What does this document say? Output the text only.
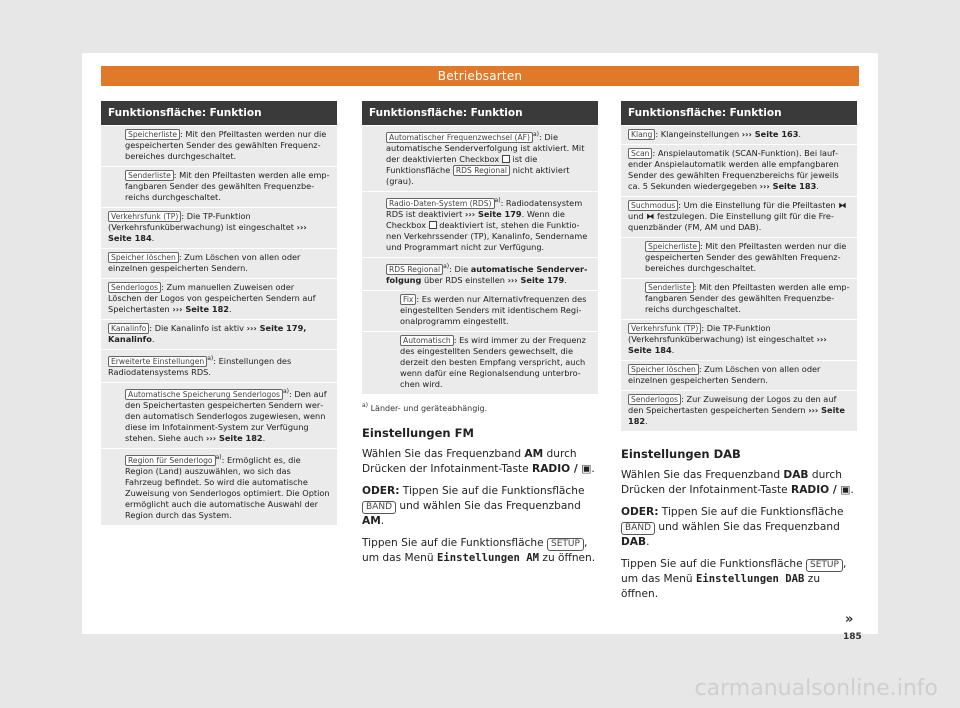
Betriebsarten
Funktionsfläche: Funktion
Speicherliste : Mit den Pfeiltasten werden nur die gespeicherten Sender des gewählten Frequenzbereiches durchgeschaltet.
Senderliste : Mit den Pfeiltasten werden alle empfangbaren Sender des gewählten Frequenzbereichs durchgeschaltet.
Verkehrsfunk (TP) : Die TP-Funktion (Verkehrsfunküberwachung) ist eingeschaltet ››› Seite 184.
Speicher löschen : Zum Löschen von allen oder einzelnen gespeicherten Sendern.
Senderlogos : Zum manuellen Zuweisen oder Löschen der Logos von gespeicherten Sendern auf Speichertasten ››› Seite 182.
Kanalinfo : Die Kanalinfo ist aktiv ››› Seite 179, Kanalinfo.
Erweiterte Einstellungen $^{a)}$: Einstellungen des Radiodatensystems RDS.
Automatische Speicherung Senderlogos $^{a)}$: Den auf den Speichertasten gespeicherten Sendern werden automatisch Senderlogos zugewiesen, wenn diese im Infotainment-System zur Verfügung stehen. Siehe auch ››› Seite 182.
Region für Senderlogo $^{a)}$: Ermöglicht es, die Region (Land) auszuwählen, wo sich das Fahrzeug befindet. So wird die automatische Zuweisung von Senderlogos optimiert. Die Option ermöglicht auch die automatische Auswahl der Region durch das System.
Funktionsfläche: Funktion
Automatischer Frequenzwechsel (AF) $^{a)}$: Die automatische Senderverfolgung ist aktiviert. Mit der deaktivierten Checkbox  ist die Funktionsfläche RDS Regional nicht aktiviert (grau).
Radio-Daten-System (RDS) $^{a)}$: Radiodatensystem RDS ist deaktiviert ››› Seite 179. Wenn die Checkbox  deaktiviert ist, stehen die Funktionen Verkehrssender (TP), Kanalinfo, Sendername und Programmart nicht zur Verfügung.
RDS Regional $^{a)}$: Die automatische Senderverfolgung über RDS einstellen ››› Seite 179.
Fix : Es werden nur Alternativfrequenzen des eingestellten Senders mit identischem Regionalprogramm eingestellt.
Automatisch : Es wird immer zu der Frequenz des eingestellten Senders gewechselt, die derzeit den besten Empfang verspricht, auch wenn dafür eine Regionalsendung unterbrochen wird.
$^{a)}$ Länder- und geräteabhängig.
Einstellungen FM
Wählen Sie das Frequenzband AM durch Drücken der Infotainment-Taste RADIO / ▣.
ODER: Tippen Sie auf die Funktionsfläche BAND und wählen Sie das Frequenzband AM.
Tippen Sie auf die Funktionsfläche SETUP , um das Menü Einstellungen AM zu öffnen.
Funktionsfläche: Funktion
Klang : Klangeinstellungen ››› Seite 163.
Scan : Anspielautomatik (SCAN-Funktion). Bei laufender Anspielautomatik werden alle empfangbaren Sender des gewählten Frequenzbereichs für jeweils ca. 5 Sekunden wiedergegeben ››› Seite 183.
Suchmodus : Um die Einstellung für die Pfeiltasten ⧓ und ⧓ festzulegen. Die Einstellung gilt für die Frequenzbänder (FM, AM und DAB).
Speicherliste : Mit den Pfeiltasten werden nur die gespeicherten Sender des gewählten Frequenzbereiches durchgeschaltet.
Senderliste : Mit den Pfeiltasten werden alle empfangbaren Sender des gewählten Frequenzbereichs durchgeschaltet.
Verkehrsfunk (TP) : Die TP-Funktion (Verkehrsfunküberwachung) ist eingeschaltet ››› Seite 184.
Speicher löschen : Zum Löschen von allen oder einzelnen gespeicherten Sendern.
Senderlogos : Zur Zuweisung der Logos zu den auf den Speichertasten gespeicherten Sendern ››› Seite 182.
Einstellungen DAB
Wählen Sie das Frequenzband DAB durch Drücken der Infotainment-Taste RADIO / ▣.
ODER: Tippen Sie auf die Funktionsfläche BAND und wählen Sie das Frequenzband DAB.
Tippen Sie auf die Funktionsfläche SETUP , um das Menü Einstellungen DAB zu öffnen.
»
185
carmanualsonline.info
